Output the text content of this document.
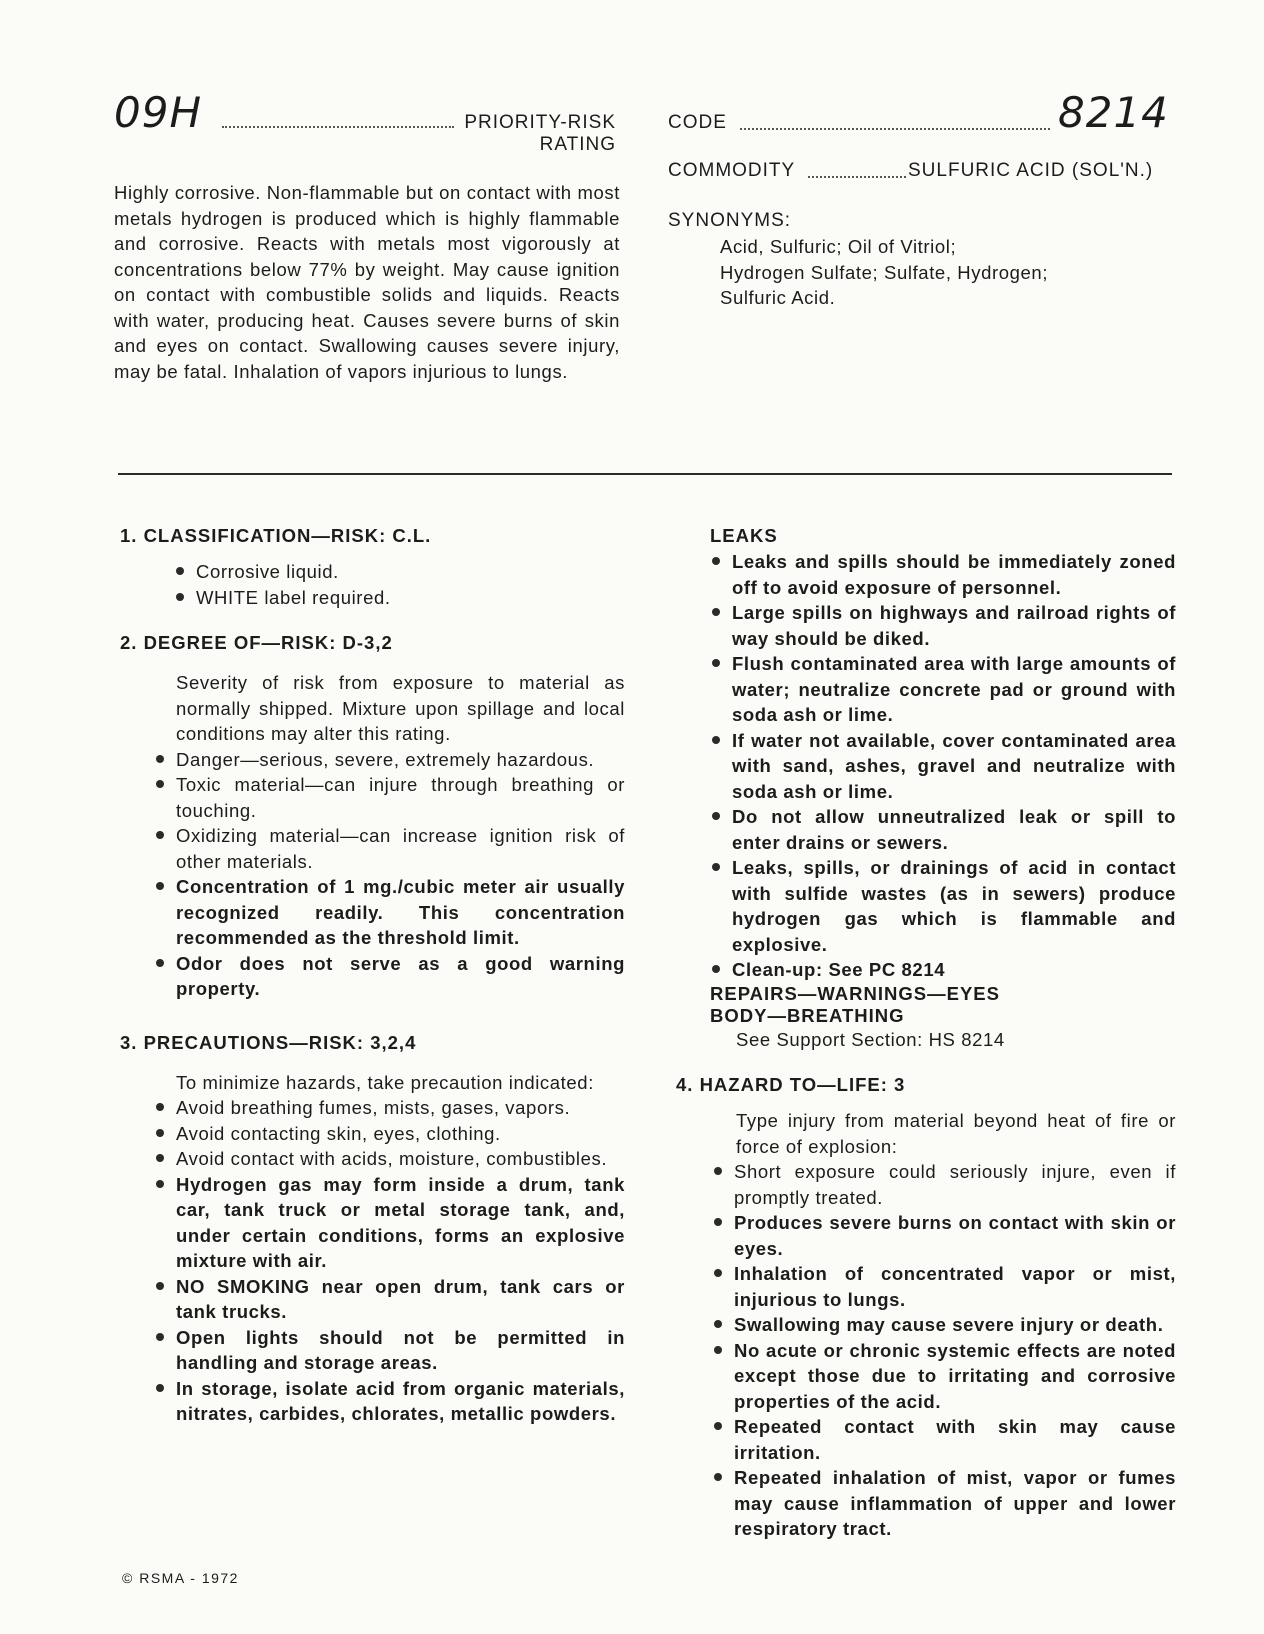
09H	PRIORITY-RISK
RATING
Highly corrosive. Non-flammable but on contact with most metals hydrogen is produced which is highly flammable and corrosive. Reacts with metals most vigorously at concentrations below 77% by weight. May cause ignition on contact with combustible solids and liquids. Reacts with water, producing heat. Causes severe burns of skin and eyes on contact. Swallowing causes severe injury, may be fatal. Inhalation of vapors injurious to lungs.
CODE	8214
COMMODITY	SULFURIC ACID (SOL'N.)
SYNONYMS:
Acid, Sulfuric; Oil of Vitriol;
Hydrogen Sulfate; Sulfate, Hydrogen;
Sulfuric Acid.
1. CLASSIFICATION—RISK: C.L.
Corrosive liquid.
WHITE label required.
2. DEGREE OF—RISK: D-3,2
Severity of risk from exposure to material as normally shipped. Mixture upon spillage and local conditions may alter this rating.
Danger—serious, severe, extremely hazardous.
Toxic material—can injure through breathing or touching.
Oxidizing material—can increase ignition risk of other materials.
Concentration of 1 mg./cubic meter air usually recognized readily. This concentration recommended as the threshold limit.
Odor does not serve as a good warning property.
3. PRECAUTIONS—RISK: 3,2,4
To minimize hazards, take precaution indicated:
Avoid breathing fumes, mists, gases, vapors.
Avoid contacting skin, eyes, clothing.
Avoid contact with acids, moisture, combustibles.
Hydrogen gas may form inside a drum, tank car, tank truck or metal storage tank, and, under certain conditions, forms an explosive mixture with air.
NO SMOKING near open drum, tank cars or tank trucks.
Open lights should not be permitted in handling and storage areas.
In storage, isolate acid from organic materials, nitrates, carbides, chlorates, metallic powders.
LEAKS
Leaks and spills should be immediately zoned off to avoid exposure of personnel.
Large spills on highways and railroad rights of way should be diked.
Flush contaminated area with large amounts of water; neutralize concrete pad or ground with soda ash or lime.
If water not available, cover contaminated area with sand, ashes, gravel and neutralize with soda ash or lime.
Do not allow unneutralized leak or spill to enter drains or sewers.
Leaks, spills, or drainings of acid in contact with sulfide wastes (as in sewers) produce hydrogen gas which is flammable and explosive.
Clean-up: See PC 8214
REPAIRS—WARNINGS—EYES
BODY—BREATHING
See Support Section: HS 8214
4. HAZARD TO—LIFE: 3
Type injury from material beyond heat of fire or force of explosion:
Short exposure could seriously injure, even if promptly treated.
Produces severe burns on contact with skin or eyes.
Inhalation of concentrated vapor or mist, injurious to lungs.
Swallowing may cause severe injury or death.
No acute or chronic systemic effects are noted except those due to irritating and corrosive properties of the acid.
Repeated contact with skin may cause irritation.
Repeated inhalation of mist, vapor or fumes may cause inflammation of upper and lower respiratory tract.
© RSMA - 1972
